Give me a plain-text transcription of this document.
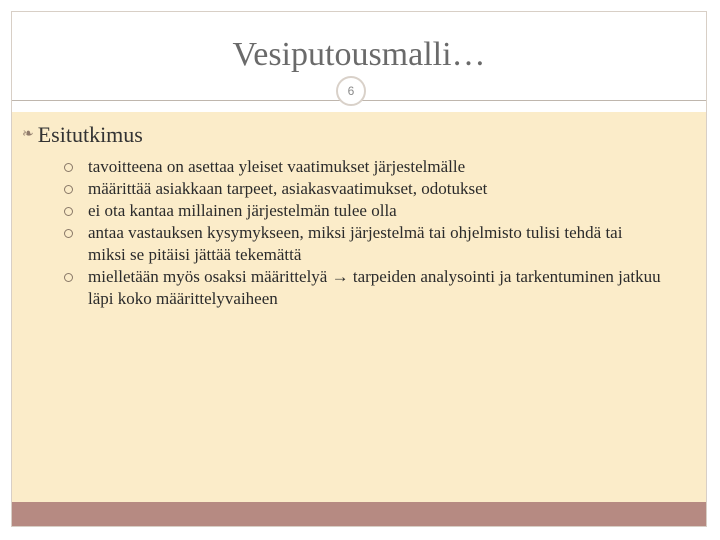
Vesiputousmalli…
6
❧ Esitutkimus
tavoitteena on asettaa yleiset vaatimukset järjestelmälle
määrittää asiakkaan tarpeet, asiakasvaatimukset, odotukset
ei ota kantaa millainen järjestelmän tulee olla
antaa vastauksen kysymykseen, miksi järjestelmä tai ohjelmisto tulisi tehdä tai miksi se pitäisi jättää tekemättä
mielletään myös osaksi määrittelyä → tarpeiden analysointi ja tarkentuminen jatkuu läpi koko määrittelyvaiheen
